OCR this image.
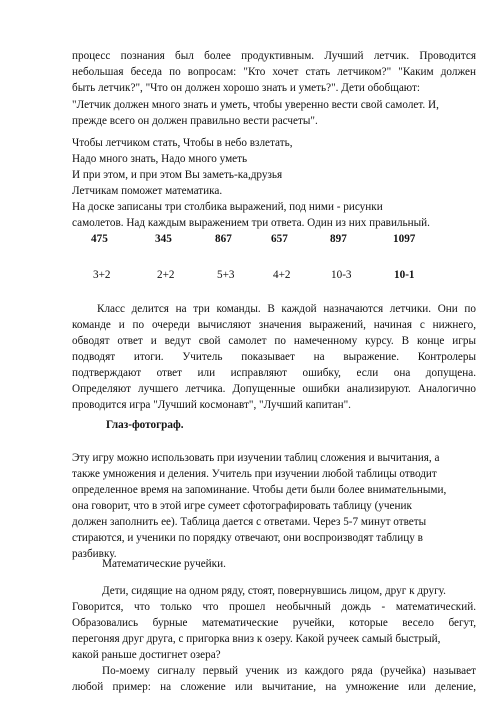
процесс познания был более продуктивным. Лучший летчик. Проводится
небольшая беседа по вопросам: "Кто хочет стать летчиком?" "Каким должен
быть летчик?", "Что он должен хорошо знать и уметь?". Дети обобщают:
"Летчик должен много знать и уметь, чтобы уверенно вести свой самолет. И,
прежде всего он должен правильно вести расчеты".
Чтобы летчиком стать, Чтобы в небо взлетать,
Надо много знать, Надо много уметь
И при этом, и при этом Вы заметь-ка,друзья
Летчикам поможет математика.
На доске записаны три столбика выражений, под ними - рисунки
самолетов. Над каждым выражением три ответа. Один из них правильный.
475	345	867	657	897	1097
3+2	2+2	5+3	4+2	10-3	10-1
Класс делится на три команды. В каждой назначаются летчики. Они по
команде и по очереди вычисляют значения выражений, начиная с нижнего,
обводят ответ и ведут свой самолет по намеченному курсу. В конце игры
подводят итоги. Учитель показывает на выражение. Контролеры
подтверждают ответ или исправляют ошибку, если она допущена.
Определяют лучшего летчика. Допущенные ошибки анализируют. Аналогично
проводится игра "Лучший космонавт", "Лучший капитан".
Глаз-фотограф.
Эту игру можно использовать при изучении таблиц сложения и вычитания, а
также умножения и деления. Учитель при изучении любой таблицы отводит
определенное время на запоминание. Чтобы дети были более внимательными,
она говорит, что в этой игре сумеет сфотографировать таблицу (ученик
должен заполнить ее). Таблица дается с ответами. Через 5-7 минут ответы
стираются, и ученики по порядку отвечают, они воспроизводят таблицу в
разбивку.
Математические ручейки.
Дети, сидящие на одном ряду, стоят, повернувшись лицом, друг к другу.
Говорится, что только что прошел необычный дождь - математический.
Образовались бурные математические ручейки, которые весело бегут,
перегоняя друг друга, с пригорка вниз к озеру. Какой ручеек самый быстрый,
какой раньше достигнет озера?
По-моему сигналу первый ученик из каждого ряда (ручейка) называет
любой пример: на сложение или вычитание, на умножение или деление,
